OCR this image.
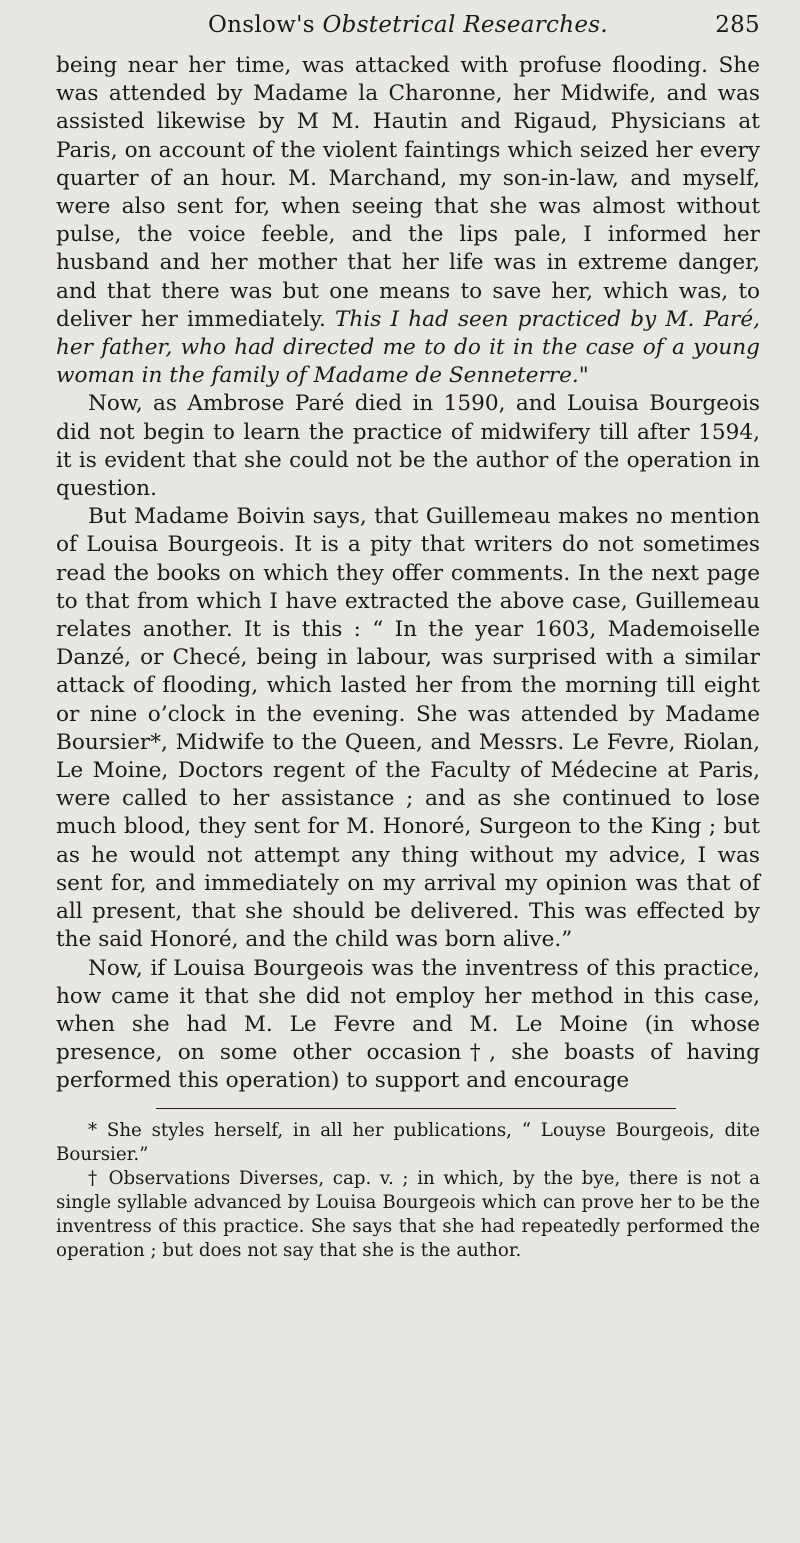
Onslow's Obstetrical Researches.	285

being near her time, was attacked with profuse flooding. She was attended by Madame la Charonne, her Midwife, and was assisted likewise by M M. Hautin and Rigaud, Physicians at Paris, on account of the violent faintings which seized her every quarter of an hour. M. Marchand, my son-in-law, and myself, were also sent for, when seeing that she was almost without pulse, the voice feeble, and the lips pale, I informed her husband and her mother that her life was in extreme danger, and that there was but one means to save her, which was, to deliver her immediately. This I had seen practiced by M. Paré, her father, who had directed me to do it in the case of a young woman in the family of Madame de Senneterre."

Now, as Ambrose Paré died in 1590, and Louisa Bourgeois did not begin to learn the practice of midwifery till after 1594, it is evident that she could not be the author of the operation in question.

But Madame Boivin says, that Guillemeau makes no mention of Louisa Bourgeois. It is a pity that writers do not sometimes read the books on which they offer comments. In the next page to that from which I have extracted the above case, Guillemeau relates another. It is this : “ In the year 1603, Mademoiselle Danzé, or Checé, being in labour, was surprised with a similar attack of flooding, which lasted her from the morning till eight or nine o’clock in the evening. She was attended by Madame Boursier*, Midwife to the Queen, and Messrs. Le Fevre, Riolan, Le Moine, Doctors regent of the Faculty of Médecine at Paris, were called to her assistance ; and as she continued to lose much blood, they sent for M. Honoré, Surgeon to the King ; but as he would not attempt any thing without my advice, I was sent for, and immediately on my arrival my opinion was that of all present, that she should be delivered. This was effected by the said Honoré, and the child was born alive.”

Now, if Louisa Bourgeois was the inventress of this practice, how came it that she did not employ her method in this case, when she had M. Le Fevre and M. Le Moine (in whose presence, on some other occasion†, she boasts of having performed this operation) to support and encourage

* She styles herself, in all her publications, “ Louyse Bourgeois, dite Boursier.”

† Observations Diverses, cap. v. ; in which, by the bye, there is not a single syllable advanced by Louisa Bourgeois which can prove her to be the inventress of this practice. She says that she had repeatedly performed the operation ; but does not say that she is the author.
